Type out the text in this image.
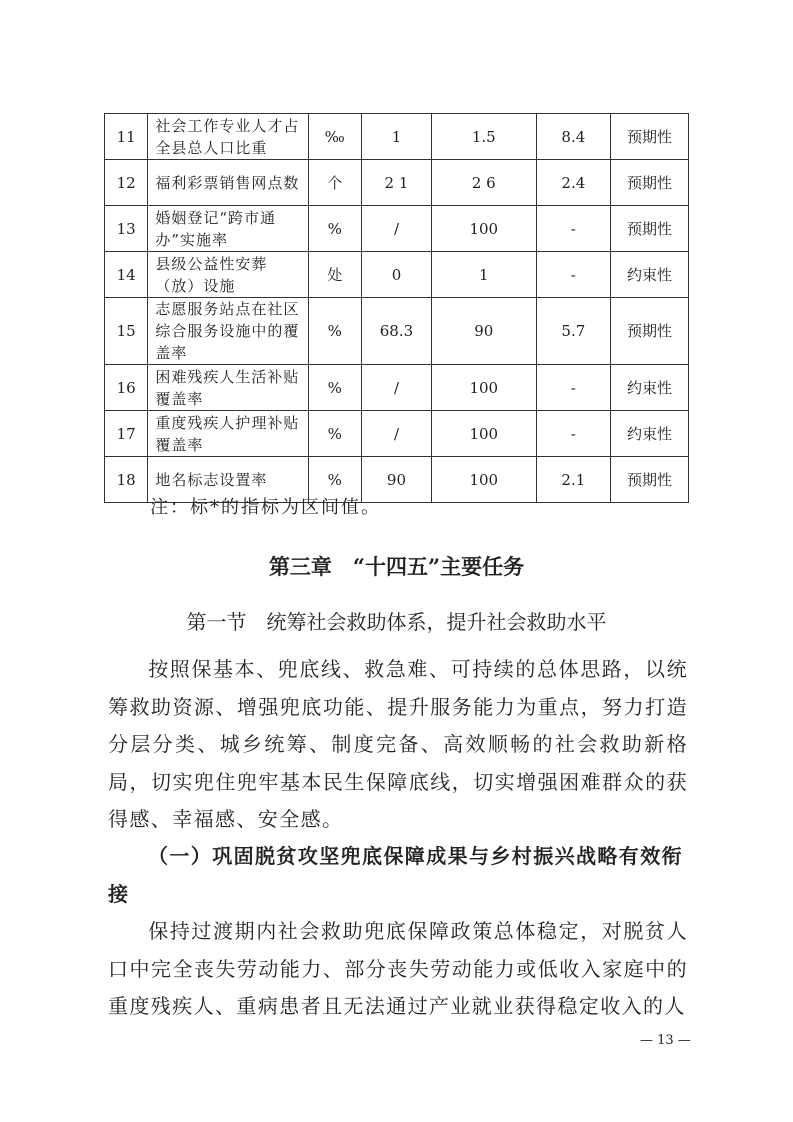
11	社会工作专业人才占全县总人口比重	‰	1	1.5	8.4	预期性
12	福利彩票销售网点数	个	2 1	2 6	2.4	预期性
13	婚姻登记“跨市通办”实施率	%	/	100	-	预期性
14	县级公益性安葬（放）设施	处	0	1	-	约束性
15	志愿服务站点在社区综合服务设施中的覆盖率	%	68.3	90	5.7	预期性
16	困难残疾人生活补贴覆盖率	%	/	100	-	约束性
17	重度残疾人护理补贴覆盖率	%	/	100	-	约束性
18	地名标志设置率	%	90	100	2.1	预期性
注：标*的指标为区间值。
第三章　“十四五”主要任务
第一节　统筹社会救助体系，提升社会救助水平
按照保基本、兜底线、救急难、可持续的总体思路，以统筹救助资源、增强兜底功能、提升服务能力为重点，努力打造分层分类、城乡统筹、制度完备、高效顺畅的社会救助新格局，切实兜住兜牢基本民生保障底线，切实增强困难群众的获得感、幸福感、安全感。
（一）巩固脱贫攻坚兜底保障成果与乡村振兴战略有效衔接
保持过渡期内社会救助兜底保障政策总体稳定，对脱贫人口中完全丧失劳动能力、部分丧失劳动能力或低收入家庭中的重度残疾人、重病患者且无法通过产业就业获得稳定收入的人
— 13 —
